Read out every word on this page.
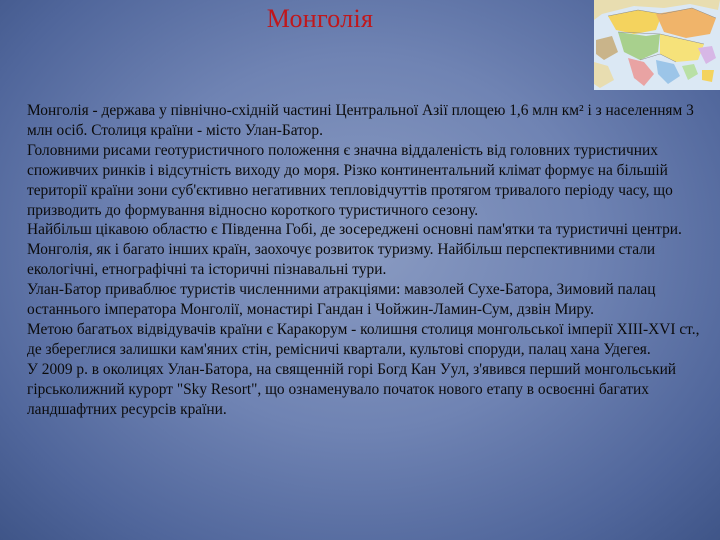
Монголія

Монголія - держава у північно-східній частині Центральної Азії площею 1,6 млн км² і з населенням 3 млн осіб. Столиця країни - місто Улан-Батор.

Головними рисами геотуристичного положення є значна віддаленість від головних туристичних споживчих ринків і відсутність виходу до моря. Різко континентальний клімат формує на більшій території країни зони суб'єктивно негативних тепловідчуттів протягом тривалого періоду часу, що призводить до формування відносно короткого туристичного сезону.

Найбільш цікавою областю є Південна Гобі, де зосереджені основні пам'ятки та туристичні центри.

Монголія, як і багато інших країн, заохочує розвиток туризму. Найбільш перспективними стали екологічні, етнографічні та історичні пізнавальні тури.

Улан-Батор приваблює туристів численними атракціями: мавзолей Сухе-Батора, Зимовий палац останнього імператора Монголії, монастирі Гандан і Чойжин-Ламин-Сум, дзвін Миру.

Метою багатьох відвідувачів країни є Каракорум - колишня столиця монгольської імперії XIII-XVI ст., де збереглися залишки кам'яних стін, ремісничі квартали, культові споруди, палац хана Удегея.

У 2009 р. в околицях Улан-Батора, на священній горі Богд Кан Уул, з'явився перший монгольський гірськолижний курорт "Sky Resort", що ознаменувало початок нового етапу в освоєнні багатих ландшафтних ресурсів країни.
